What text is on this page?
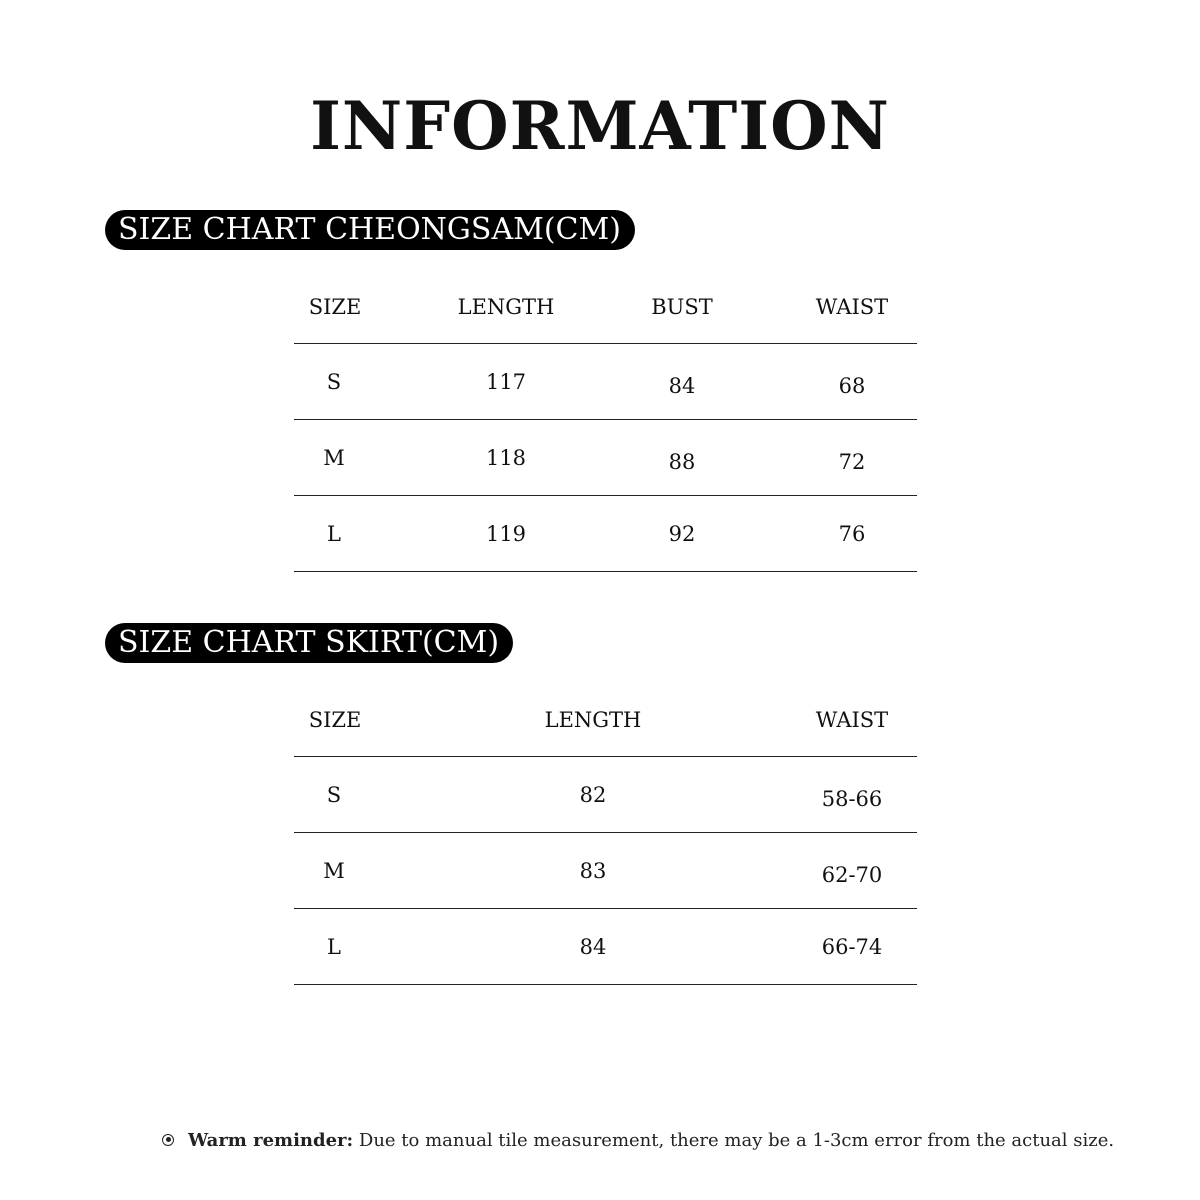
INFORMATION
SIZE CHART CHEONGSAM(CM)
SIZE	LENGTH	BUST	WAIST
S	117	84	68
M	118	88	72
L	119	92	76
SIZE CHART SKIRT(CM)
SIZE	LENGTH	WAIST
S	82	58-66
M	83	62-70
L	84	66-74
Warm reminder: Due to manual tile measurement, there may be a 1-3cm error from the actual size.
